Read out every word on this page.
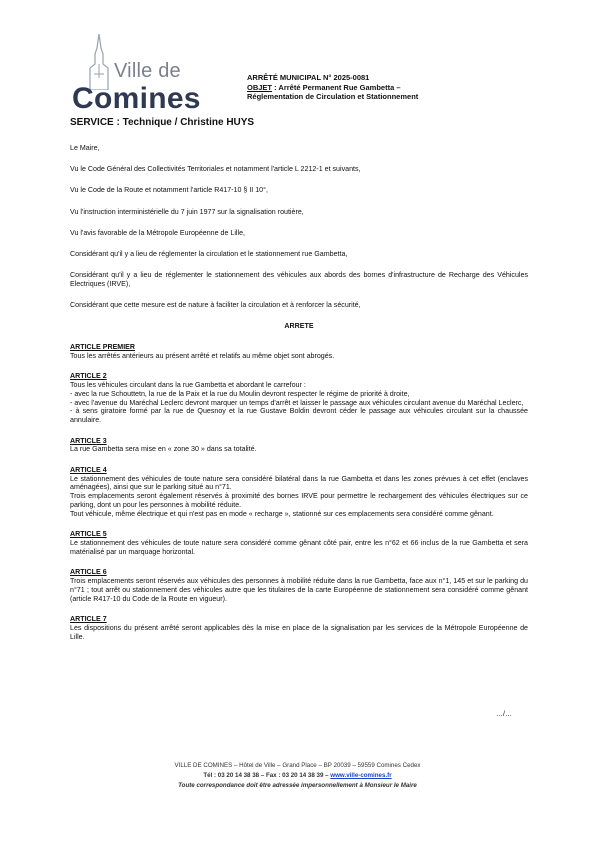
Ville de
Comines
ARRÊTÉ MUNICIPAL N° 2025-0081
OBJET : Arrêté Permanent Rue Gambetta –
Réglementation de Circulation et Stationnement
SERVICE : Technique / Christine HUYS

Le Maire,

Vu le Code Général des Collectivités Territoriales et notamment l'article L 2212-1 et suivants,

Vu le Code de la Route et notamment l'article R417-10 § II 10°,

Vu l'instruction interministérielle du 7 juin 1977 sur la signalisation routière,

Vu l'avis favorable de la Métropole Européenne de Lille,

Considérant qu'il y a lieu de réglementer la circulation et le stationnement rue Gambetta,

Considérant qu'il y a lieu de réglementer le stationnement des véhicules aux abords des bornes d'infrastructure de Recharge des Véhicules Electriques (IRVE),

Considérant que cette mesure est de nature à faciliter la circulation et à renforcer la sécurité,

ARRETE

ARTICLE PREMIER
Tous les arrêtés antérieurs au présent arrêté et relatifs au même objet sont abrogés.
ARTICLE 2
Tous les véhicules circulant dans la rue Gambetta et abordant le carrefour :
- avec la rue Schouttetn, la rue de la Paix et la rue du Moulin devront respecter le régime de priorité à droite,
- avec l'avenue du Maréchal Leclerc devront marquer un temps d'arrêt et laisser le passage aux véhicules circulant avenue du Maréchal Leclerc,
- à sens giratoire formé par la rue de Quesnoy et la rue Gustave Boldin devront céder le passage aux véhicules circulant sur la chaussée annulaire.
ARTICLE 3
La rue Gambetta sera mise en « zone 30 » dans sa totalité.
ARTICLE 4
Le stationnement des véhicules de toute nature sera considéré bilatéral dans la rue Gambetta et dans les zones prévues à cet effet (enclaves aménagées), ainsi que sur le parking situé au n°71.
Trois emplacements seront également réservés à proximité des bornes IRVE pour permettre le rechargement des véhicules électriques sur ce parking, dont un pour les personnes à mobilité réduite.
Tout véhicule, même électrique et qui n'est pas en mode « recharge », stationné sur ces emplacements sera considéré comme gênant.
ARTICLE 5
Le stationnement des véhicules de toute nature sera considéré comme gênant côté pair, entre les n°62 et 66 inclus de la rue Gambetta et sera matérialisé par un marquage horizontal.
ARTICLE 6
Trois emplacements seront réservés aux véhicules des personnes à mobilité réduite dans la rue Gambetta, face aux n°1, 145 et sur le parking du n°71 ; tout arrêt ou stationnement des véhicules autre que les titulaires de la carte Européenne de stationnement sera considéré comme gênant (article R417-10 du Code de la Route en vigueur).
ARTICLE 7
Les dispositions du présent arrêté seront applicables dès la mise en place de la signalisation par les services de la Métropole Européenne de Lille.
…/…
VILLE DE COMINES – Hôtel de Ville – Grand Place – BP 20039 – 59559 Comines Cedex
Tél : 03 20 14 38 38 – Fax : 03 20 14 38 39 – www.ville-comines.fr
Toute correspondance doit être adressée impersonnellement à Monsieur le Maire
